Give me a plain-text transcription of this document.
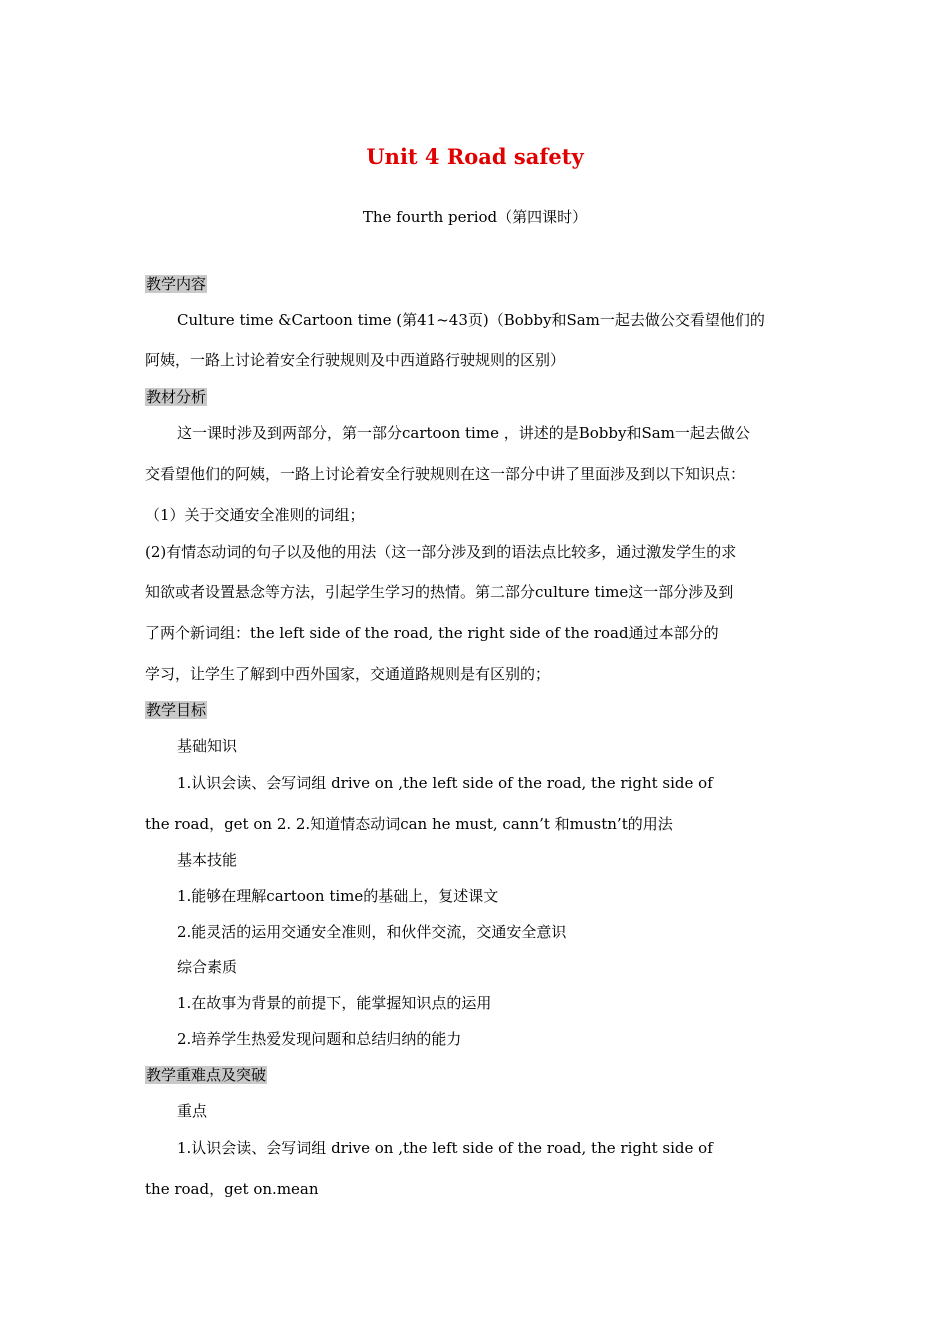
Unit 4 Road safety
The fourth period（第四课时）
教学内容
Culture time &Cartoon time (第41~43页)（Bobby和Sam一起去做公交看望他们的
阿姨，一路上讨论着安全行驶规则及中西道路行驶规则的区别）
教材分析
这一课时涉及到两部分，第一部分cartoon time ，讲述的是Bobby和Sam一起去做公
交看望他们的阿姨，一路上讨论着安全行驶规则在这一部分中讲了里面涉及到以下知识点：
（1）关于交通安全准则的词组；
(2)有情态动词的句子以及他的用法（这一部分涉及到的语法点比较多，通过激发学生的求
知欲或者设置悬念等方法，引起学生学习的热情。第二部分culture time这一部分涉及到
了两个新词组：the left side of the road, the right side of the road通过本部分的
学习，让学生了解到中西外国家，交通道路规则是有区别的；
教学目标
基础知识
1.认识会读、会写词组 drive on ,the left side of the road, the right side of
the road，get on 2. 2.知道情态动词can he must, cann’t 和mustn’t的用法
基本技能
1.能够在理解cartoon time的基础上，复述课文
2.能灵活的运用交通安全准则，和伙伴交流，交通安全意识
综合素质
1.在故事为背景的前提下，能掌握知识点的运用
2.培养学生热爱发现问题和总结归纳的能力
教学重难点及突破
重点
1.认识会读、会写词组 drive on ,the left side of the road, the right side of
the road，get on.mean
